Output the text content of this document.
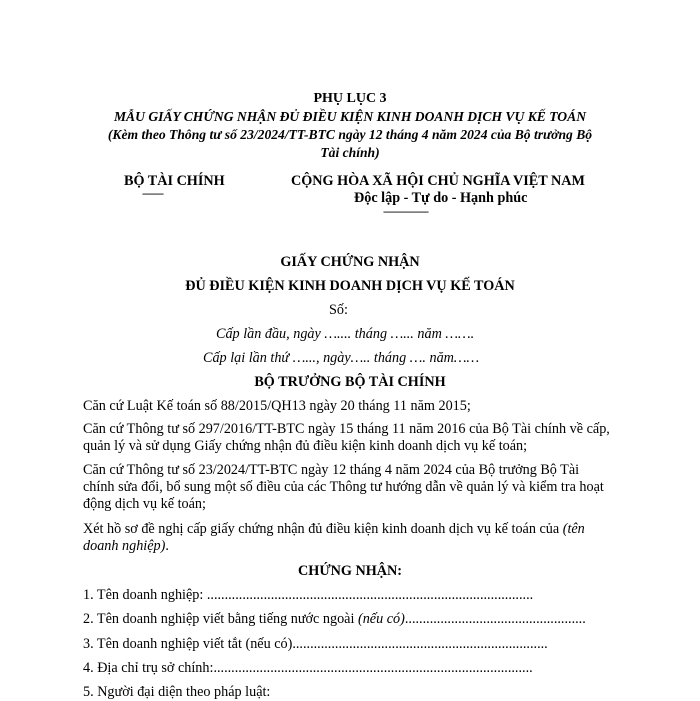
PHỤ LỤC 3
MẪU GIẤY CHỨNG NHẬN ĐỦ ĐIỀU KIỆN KINH DOANH DỊCH VỤ KẾ TOÁN
(Kèm theo Thông tư số 23/2024/TT-BTC ngày 12 tháng 4 năm 2024 của Bộ trưởng Bộ
Tài chính)
BỘ TÀI CHÍNH
-------
CỘNG HÒA XÃ HỘI CHỦ NGHĨA VIỆT NAM
Độc lập - Tự do - Hạnh phúc
---------------
GIẤY CHỨNG NHẬN
ĐỦ ĐIỀU KIỆN KINH DOANH DỊCH VỤ KẾ TOÁN
Số:
Cấp lần đầu, ngày ….... tháng …... năm …….
Cấp lại lần thứ …..., ngày….. tháng …. năm……
BỘ TRƯỞNG BỘ TÀI CHÍNH
Căn cứ Luật Kế toán số 88/2015/QH13 ngày 20 tháng 11 năm 2015;
Căn cứ Thông tư số 297/2016/TT-BTC ngày 15 tháng 11 năm 2016 của Bộ Tài chính về cấp, quản lý và sử dụng Giấy chứng nhận đủ điều kiện kinh doanh dịch vụ kế toán;
Căn cứ Thông tư số 23/2024/TT-BTC ngày 12 tháng 4 năm 2024 của Bộ trưởng Bộ Tài chính sửa đổi, bổ sung một số điều của các Thông tư hướng dẫn về quản lý và kiểm tra hoạt động dịch vụ kế toán;
Xét hồ sơ đề nghị cấp giấy chứng nhận đủ điều kiện kinh doanh dịch vụ kế toán của (tên doanh nghiệp).
CHỨNG NHẬN:
1. Tên doanh nghiệp: ............................................................................................
2. Tên doanh nghiệp viết bằng tiếng nước ngoài (nếu có)...................................................
3. Tên doanh nghiệp viết tắt (nếu có)........................................................................
4. Địa chỉ trụ sở chính:..........................................................................................
5. Người đại diện theo pháp luật:
